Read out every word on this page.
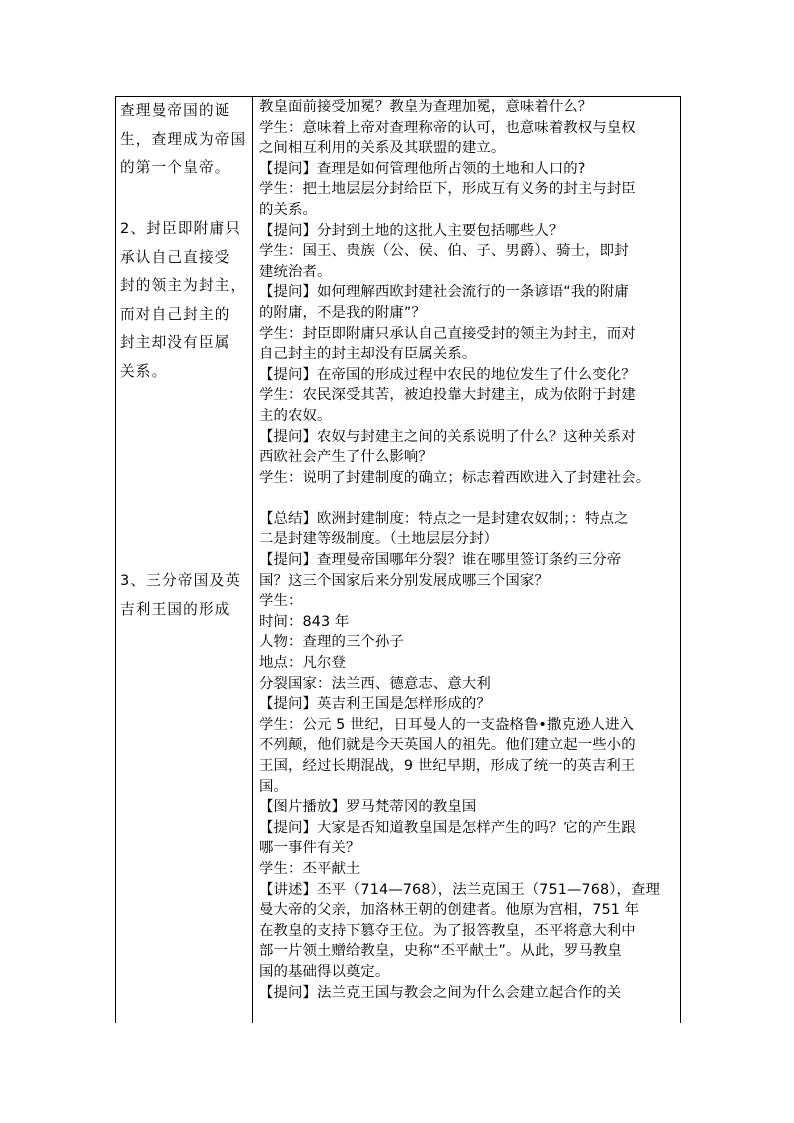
查理曼帝国的诞
生，查理成为帝国
的第一个皇帝。
2、封臣即附庸只
承认自己直接受
封的领主为封主，
而对自己封主的
封主却没有臣属
关系。
3、三分帝国及英
吉利王国的形成
教皇面前接受加冕？教皇为查理加冕，意味着什么？
学生：意味着上帝对查理称帝的认可，也意味着教权与皇权
之间相互利用的关系及其联盟的建立。
【提问】查理是如何管理他所占领的土地和人口的?
学生：把土地层层分封给臣下，形成互有义务的封主与封臣
的关系。
【提问】分封到土地的这批人主要包括哪些人？
学生：国王、贵族（公、侯、伯、子、男爵）、骑士，即封
建统治者。
【提问】如何理解西欧封建社会流行的一条谚语“我的附庸
的附庸，不是我的附庸”？
学生：封臣即附庸只承认自己直接受封的领主为封主，而对
自己封主的封主却没有臣属关系。
【提问】在帝国的形成过程中农民的地位发生了什么变化？
学生：农民深受其苦，被迫投靠大封建主，成为依附于封建
主的农奴。
【提问】农奴与封建主之间的关系说明了什么？这种关系对
西欧社会产生了什么影响？
学生：说明了封建制度的确立；标志着西欧进入了封建社会。
【总结】欧洲封建制度：特点之一是封建农奴制；：特点之
二是封建等级制度。（土地层层分封）
【提问】查理曼帝国哪年分裂？谁在哪里签订条约三分帝
国？这三个国家后来分别发展成哪三个国家？
学生：
时间：843 年
人物：查理的三个孙子
地点：凡尔登
分裂国家：法兰西、德意志、意大利
【提问】英吉利王国是怎样形成的？
学生：公元 5 世纪，日耳曼人的一支盎格鲁•撒克逊人进入
不列颠，他们就是今天英国人的祖先。他们建立起一些小的
王国，经过长期混战，9 世纪早期，形成了统一的英吉利王
国。
【图片播放】罗马梵蒂冈的教皇国
【提问】大家是否知道教皇国是怎样产生的吗？它的产生跟
哪一事件有关？
学生：丕平献土
【讲述】丕平（714—768），法兰克国王（751—768），查理
曼大帝的父亲，加洛林王朝的创建者。他原为宫相，751 年
在教皇的支持下篡夺王位。为了报答教皇，丕平将意大利中
部一片领土赠给教皇，史称“丕平献土”。从此，罗马教皇
国的基础得以奠定。
【提问】法兰克王国与教会之间为什么会建立起合作的关
